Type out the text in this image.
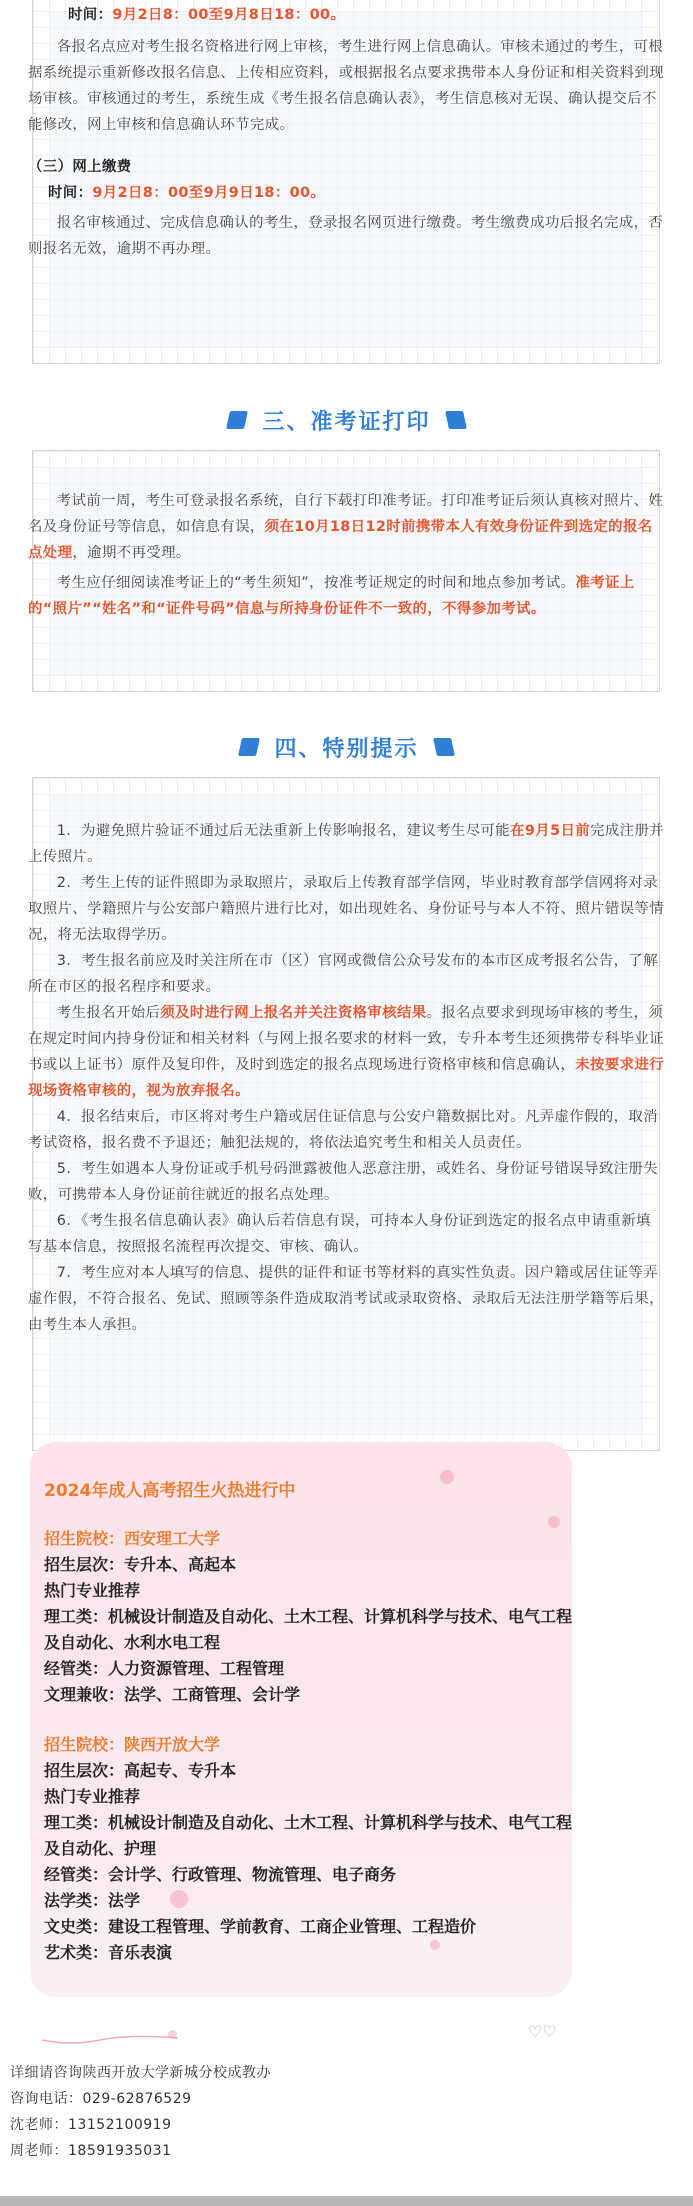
时间：9月2日8：00至9月8日18：00。

各报名点应对考生报名资格进行网上审核，考生进行网上信息确认。审核未通过的考生，可根据系统提示重新修改报名信息、上传相应资料，或根据报名点要求携带本人身份证和相关资料到现场审核。审核通过的考生，系统生成《考生报名信息确认表》，考生信息核对无误、确认提交后不能修改，网上审核和信息确认环节完成。

（三）网上缴费

时间：9月2日8：00至9月9日18：00。

报名审核通过、完成信息确认的考生，登录报名网页进行缴费。考生缴费成功后报名完成，否则报名无效，逾期不再办理。

三、准考证打印

考试前一周，考生可登录报名系统，自行下载打印准考证。打印准考证后须认真核对照片、姓名及身份证号等信息，如信息有误，须在10月18日12时前携带本人有效身份证件到选定的报名点处理，逾期不再受理。

考生应仔细阅读准考证上的“考生须知”，按准考证规定的时间和地点参加考试。准考证上的“照片”“姓名”和“证件号码”信息与所持身份证件不一致的，不得参加考试。

四、特别提示

1．为避免照片验证不通过后无法重新上传影响报名，建议考生尽可能在9月5日前完成注册并上传照片。

2．考生上传的证件照即为录取照片，录取后上传教育部学信网，毕业时教育部学信网将对录取照片、学籍照片与公安部户籍照片进行比对，如出现姓名、身份证号与本人不符、照片错误等情况，将无法取得学历。

3．考生报名前应及时关注所在市（区）官网或微信公众号发布的本市区成考报名公告，了解所在市区的报名程序和要求。

考生报名开始后须及时进行网上报名并关注资格审核结果。报名点要求到现场审核的考生，须在规定时间内持身份证和相关材料（与网上报名要求的材料一致，专升本考生还须携带专科毕业证书或以上证书）原件及复印件，及时到选定的报名点现场进行资格审核和信息确认，未按要求进行现场资格审核的，视为放弃报名。

4．报名结束后，市区将对考生户籍或居住证信息与公安户籍数据比对。凡弄虚作假的，取消考试资格，报名费不予退还；触犯法规的，将依法追究考生和相关人员责任。

5．考生如遇本人身份证或手机号码泄露被他人恶意注册，或姓名、身份证号错误导致注册失败，可携带本人身份证前往就近的报名点处理。

6．《考生报名信息确认表》确认后若信息有误，可持本人身份证到选定的报名点申请重新填写基本信息，按照报名流程再次提交、审核、确认。

7．考生应对本人填写的信息、提供的证件和证书等材料的真实性负责。因户籍或居住证等弄虚作假，不符合报名、免试、照顾等条件造成取消考试或录取资格、录取后无法注册学籍等后果，由考生本人承担。

2024年成人高考招生火热进行中
招生院校：西安理工大学
招生层次：专升本、高起本
热门专业推荐
理工类：机械设计制造及自动化、土木工程、计算机科学与技术、电气工程及自动化、水利水电工程
经管类：人力资源管理、工程管理
文理兼收：法学、工商管理、会计学
招生院校：陕西开放大学
招生层次：高起专、专升本
热门专业推荐
理工类：机械设计制造及自动化、土木工程、计算机科学与技术、电气工程及自动化、护理
经管类：会计学、行政管理、物流管理、电子商务
法学类：法学
文史类：建设工程管理、学前教育、工商企业管理、工程造价
艺术类：音乐表演
♡♡
详细请咨询陕西开放大学新城分校成教办
咨询电话：029-62876529
沈老师：13152100919
周老师：18591935031
